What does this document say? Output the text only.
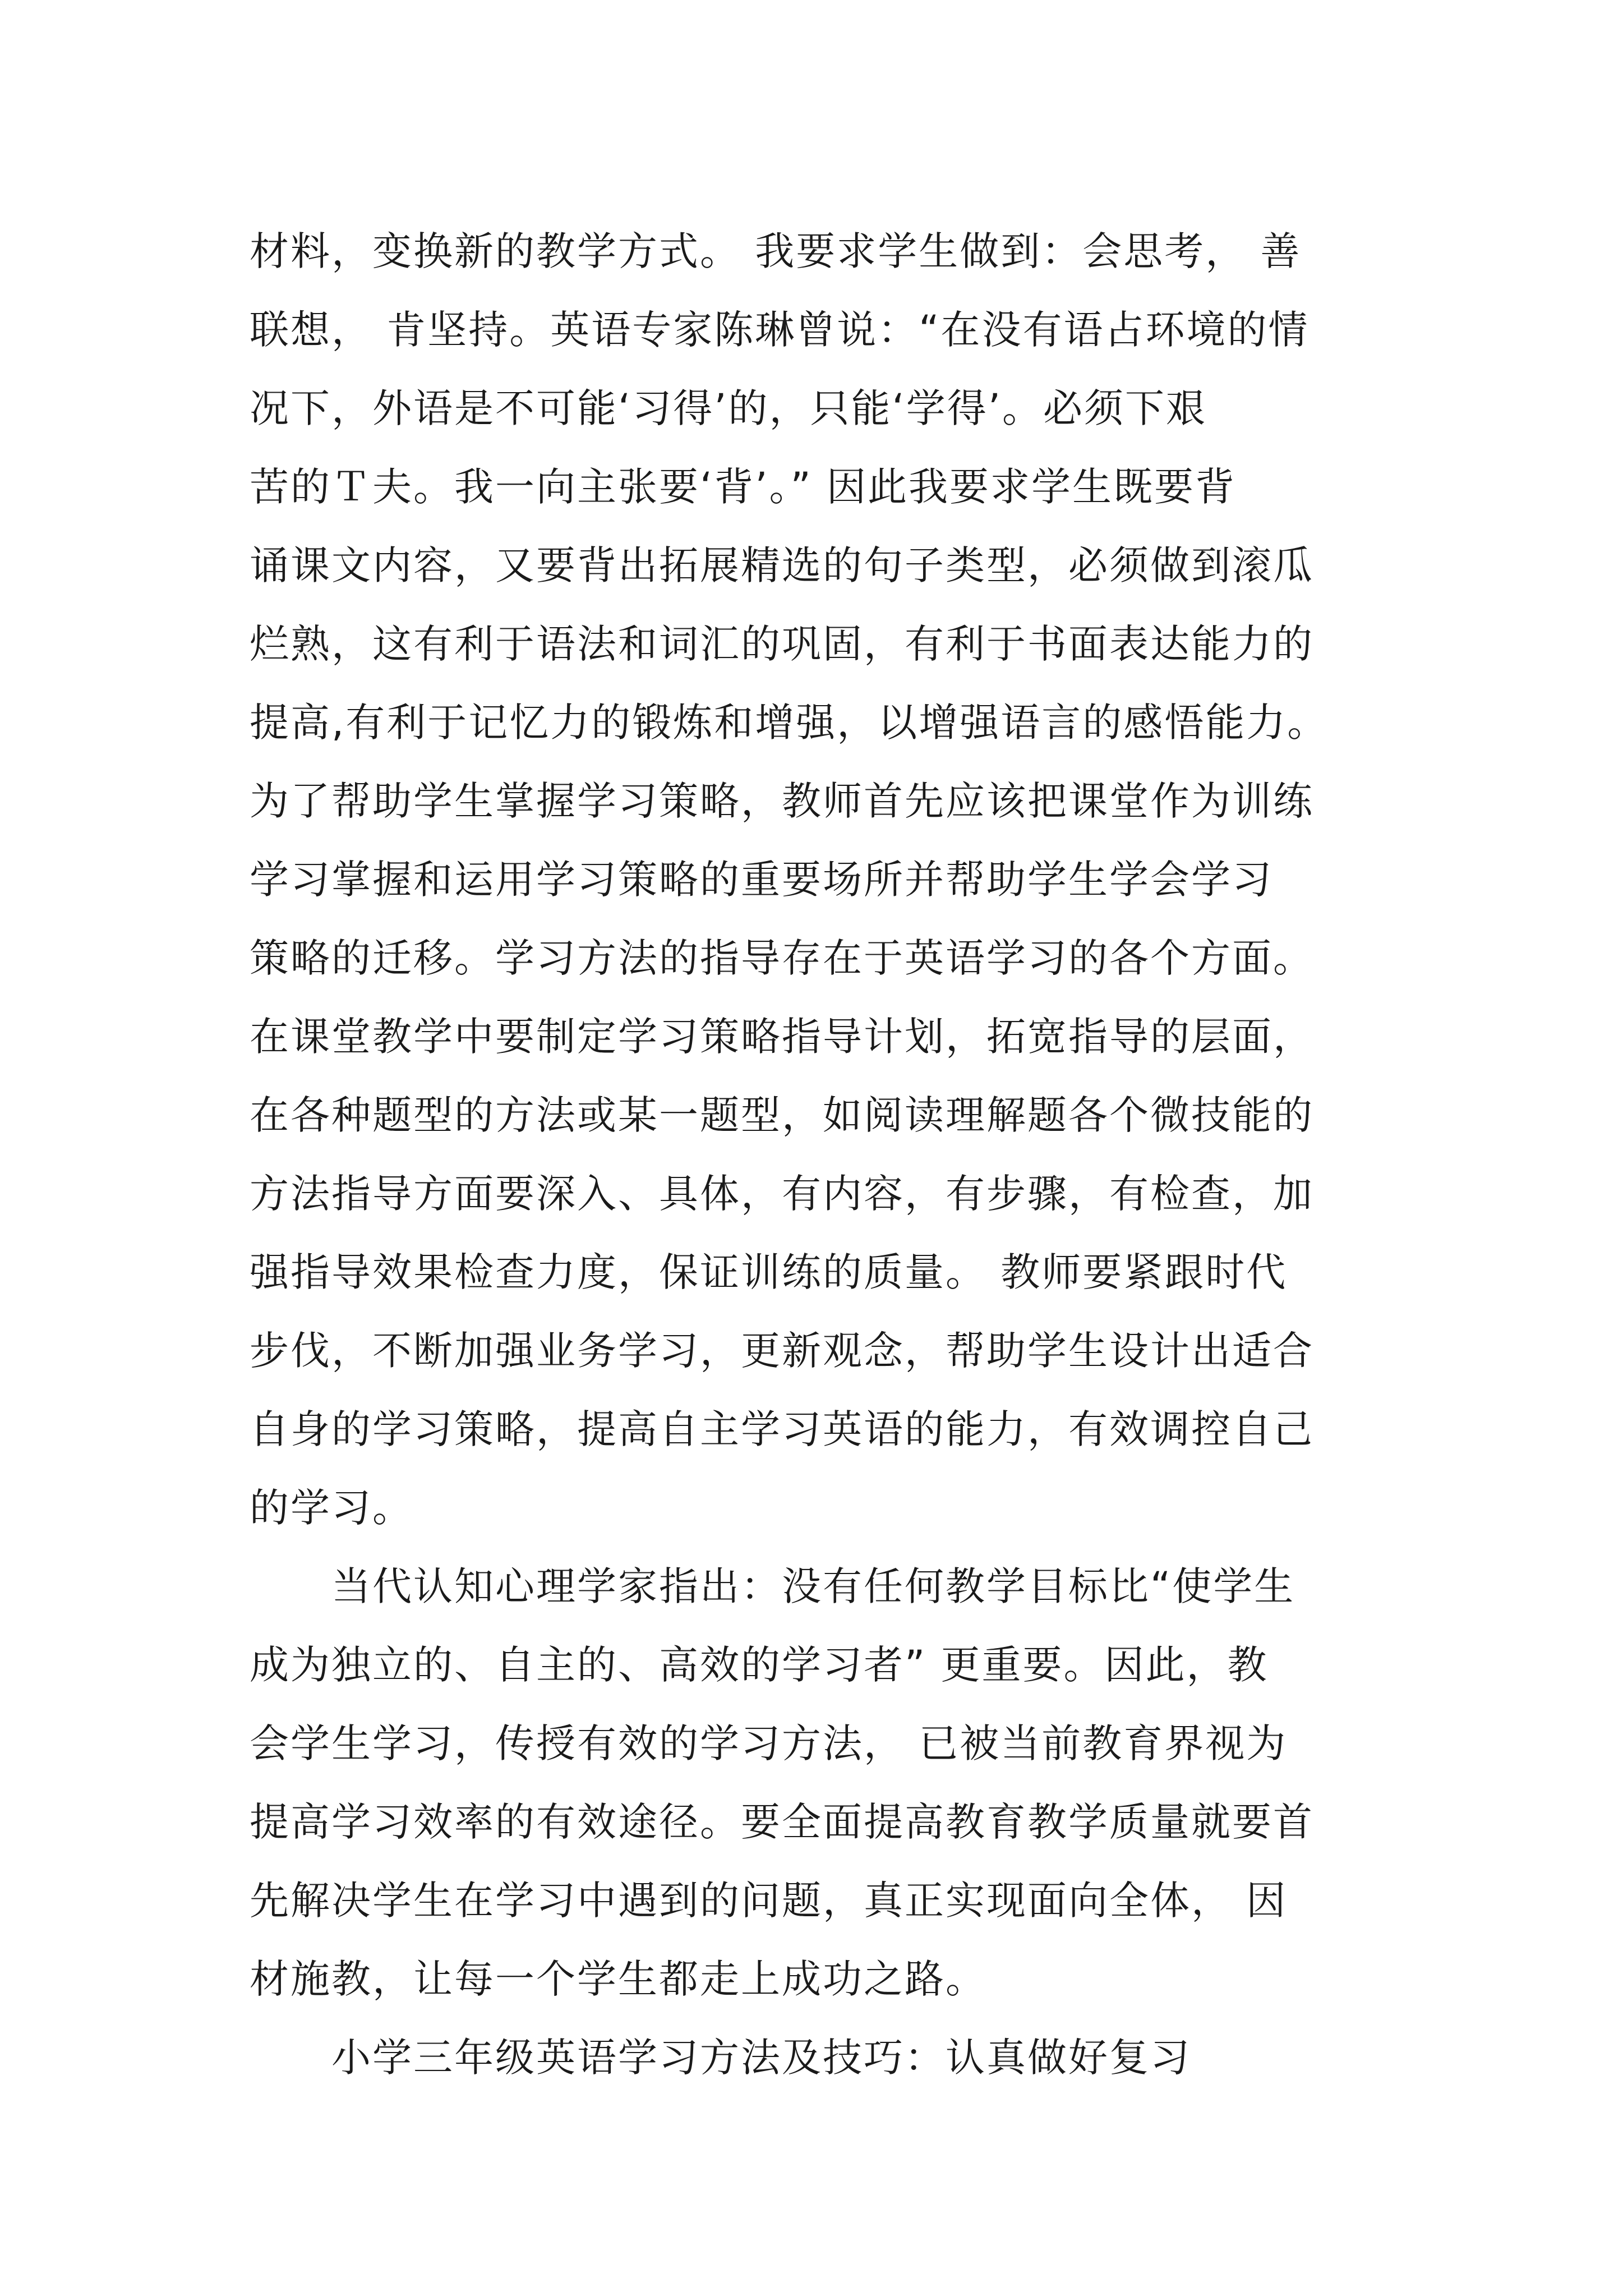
材料，变换新的教学方式。 我要求学生做到：会思考， 善
联想， 肯坚持。英语专家陈琳曾说：“在没有语占环境的情
况下，外语是不可能‘习得’的，只能‘学得’。必须下艰
苦的Ｔ夫。我一向主张要‘背’。” 因此我要求学生既要背
诵课文内容，又要背出拓展精选的句子类型，必须做到滚瓜
烂熟，这有利于语法和词汇的巩固，有利于书面表达能力的
提高,有利于记忆力的锻炼和增强，以增强语言的感悟能力。
为了帮助学生掌握学习策略，教师首先应该把课堂作为训练
学习掌握和运用学习策略的重要场所并帮助学生学会学习
策略的迁移。学习方法的指导存在于英语学习的各个方面。
在课堂教学中要制定学习策略指导计划，拓宽指导的层面，
在各种题型的方法或某一题型，如阅读理解题各个微技能的
方法指导方面要深入、具体，有内容，有步骤，有检查，加
强指导效果检查力度，保证训练的质量。 教师要紧跟时代
步伐，不断加强业务学习，更新观念，帮助学生设计出适合
自身的学习策略，提高自主学习英语的能力，有效调控自己
的学习。
　　当代认知心理学家指出：没有任何教学目标比“使学生
成为独立的、自主的、高效的学习者” 更重要。因此，教
会学生学习，传授有效的学习方法， 已被当前教育界视为
提高学习效率的有效途径。要全面提高教育教学质量就要首
先解决学生在学习中遇到的问题，真正实现面向全体， 因
材施教，让每一个学生都走上成功之路。
　　小学三年级英语学习方法及技巧：认真做好复习
